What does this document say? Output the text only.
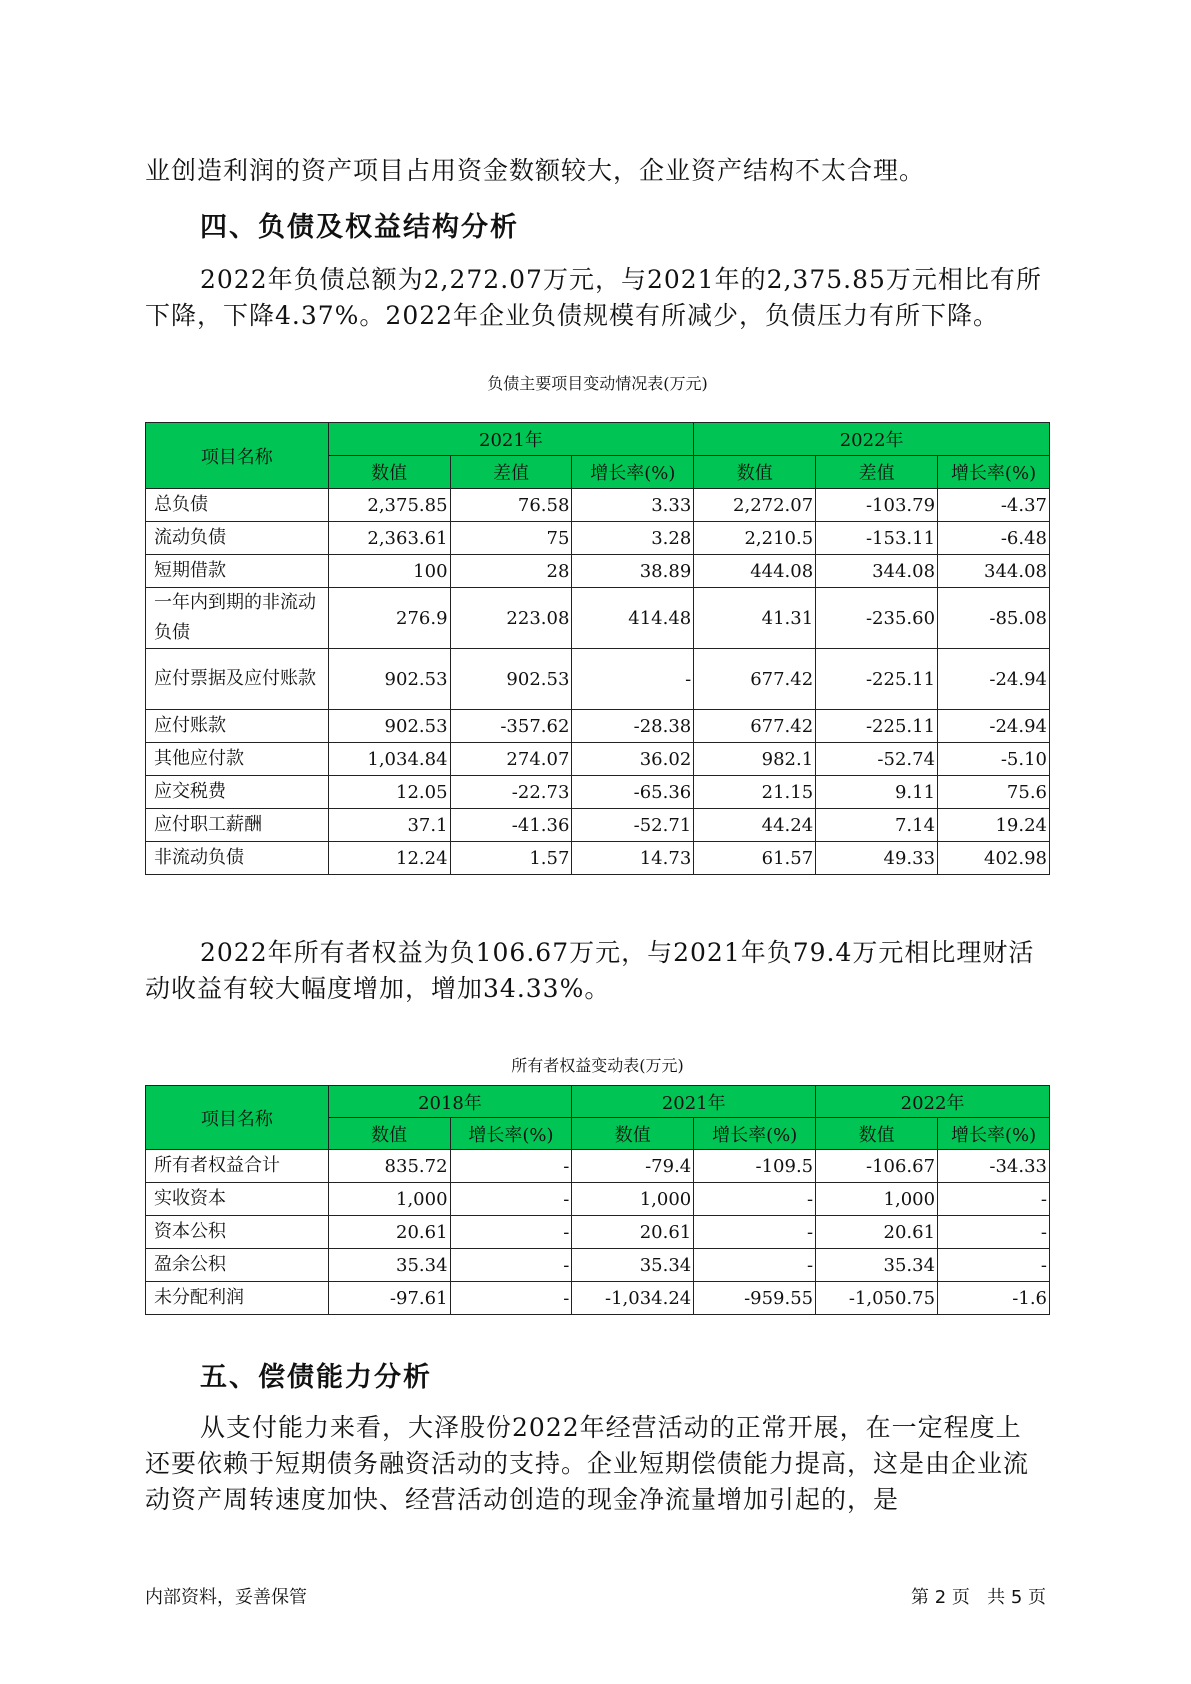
业创造利润的资产项目占用资金数额较大，企业资产结构不太合理。

四、负债及权益结构分析

2022年负债总额为2,272.07万元，与2021年的2,375.85万元相比有所下降，下降4.37%。2022年企业负债规模有所减少，负债压力有所下降。

负债主要项目变动情况表(万元)

项目名称	2021年			2022年		
	数值	差值	增长率(%)	数值	差值	增长率(%)
总负债	2,375.85	76.58	3.33	2,272.07	-103.79	-4.37
流动负债	2,363.61	75	3.28	2,210.5	-153.11	-6.48
短期借款	100	28	38.89	444.08	344.08	344.08
一年内到期的非流动负债	276.9	223.08	414.48	41.31	-235.60	-85.08
应付票据及应付账款	902.53	902.53	-	677.42	-225.11	-24.94
应付账款	902.53	-357.62	-28.38	677.42	-225.11	-24.94
其他应付款	1,034.84	274.07	36.02	982.1	-52.74	-5.10
应交税费	12.05	-22.73	-65.36	21.15	9.11	75.6
应付职工薪酬	37.1	-41.36	-52.71	44.24	7.14	19.24
非流动负债	12.24	1.57	14.73	61.57	49.33	402.98

2022年所有者权益为负106.67万元，与2021年负79.4万元相比理财活动收益有较大幅度增加，增加34.33%。

所有者权益变动表(万元)

项目名称	2018年		2021年		2022年	
	数值	增长率(%)	数值	增长率(%)	数值	增长率(%)
所有者权益合计	835.72	-	-79.4	-109.5	-106.67	-34.33
实收资本	1,000	-	1,000	-	1,000	-
资本公积	20.61	-	20.61	-	20.61	-
盈余公积	35.34	-	35.34	-	35.34	-
未分配利润	-97.61	-	-1,034.24	-959.55	-1,050.75	-1.6
五、偿债能力分析

从支付能力来看，大泽股份2022年经营活动的正常开展，在一定程度上还要依赖于短期债务融资活动的支持。企业短期偿债能力提高，这是由企业流动资产周转速度加快、经营活动创造的现金净流量增加引起的，是

内部资料，妥善保管	第 2 页   共 5 页
